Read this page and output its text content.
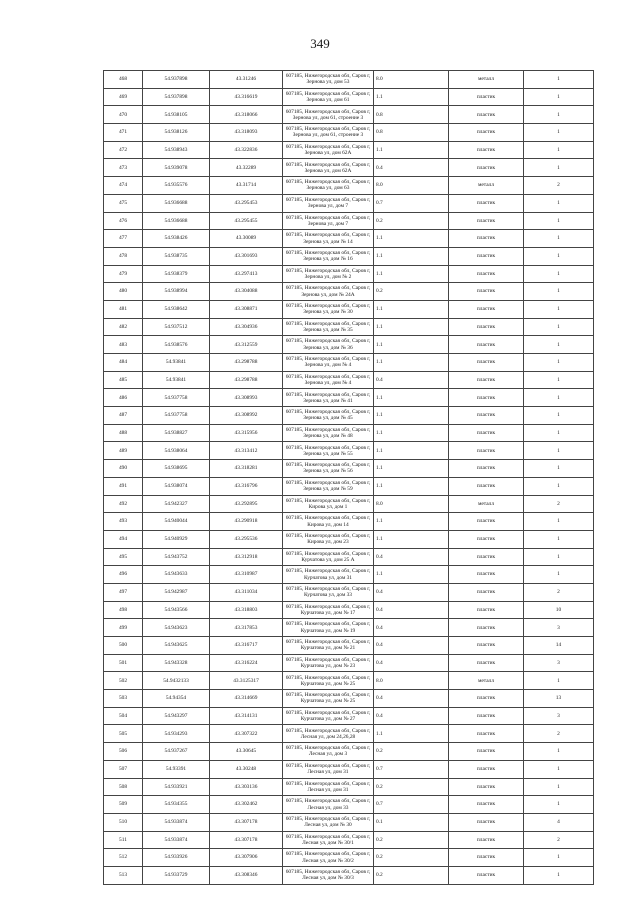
349
468	54.937898	43.31246	607185, Нижегородская обл, Саров г, Зернова ул, дом 53	8.0	металл	1
469	54.937898	43.316619	607185, Нижегородская обл, Саров г, Зернова ул, дом 61	1.1	пластик	1
470	54.938105	43.318066	607185, Нижегородская обл, Саров г, Зернова ул, дом 61, строение 3	0.8	пластик	1
471	54.938126	43.318093	607185, Нижегородская обл, Саров г, Зернова ул, дом 61, строение 3	0.8	пластик	1
472	54.938943	43.322836	607185, Нижегородская обл, Саров г, Зернова ул, дом 62А	1.1	пластик	1
473	54.939078	43.32289	607185, Нижегородская обл, Саров г, Зернова ул, дом 62А	0.4	пластик	1
474	54.935576	43.31714	607185, Нижегородская обл, Саров г, Зернова ул, дом 63	8.0	металл	2
475	54.936688	43.295453	607185, Нижегородская обл, Саров г, Зернова ул, дом 7	0.7	пластик	1
476	54.936688	43.295455	607185, Нижегородская обл, Саров г, Зернова ул, дом 7	0.2	пластик	1
477	54.938426	43.30089	607185, Нижегородская обл, Саров г, Зернова ул, дом № 14	1.1	пластик	1
478	54.938735	43.301693	607185, Нижегородская обл, Саров г, Зернова ул, дом № 16	1.1	пластик	1
479	54.938379	43.297413	607185, Нижегородская обл, Саров г, Зернова ул, дом № 2	1.1	пластик	1
480	54.938994	43.304088	607185, Нижегородская обл, Саров г, Зернова ул, дом № 24А	0.2	пластик	1
481	54.938642	43.308871	607185, Нижегородская обл, Саров г, Зернова ул, дом № 30	1.1	пластик	1
482	54.937512	43.304936	607185, Нижегородская обл, Саров г, Зернова ул, дом № 35	1.1	пластик	1
483	54.938576	43.312559	607185, Нижегородская обл, Саров г, Зернова ул, дом № 36	1.1	пластик	1
484	54.93841	43.298788	607185, Нижегородская обл, Саров г, Зернова ул, дом № 4	1.1	пластик	1
485	54.93841	43.298788	607185, Нижегородская обл, Саров г, Зернова ул, дом № 4	0.4	пластик	1
486	54.937758	43.308993	607185, Нижегородская обл, Саров г, Зернова ул, дом № 41	1.1	пластик	1
487	54.937758	43.308992	607185, Нижегородская обл, Саров г, Зернова ул, дом № 45	1.1	пластик	1
488	54.938827	43.315956	607185, Нижегородская обл, Саров г, Зернова ул, дом № 48	1.1	пластик	1
489	54.938064	43.313412	607185, Нижегородская обл, Саров г, Зернова ул, дом № 55	1.1	пластик	1
490	54.938695	43.318281	607185, Нижегородская обл, Саров г, Зернова ул, дом № 56	1.1	пластик	1
491	54.938074	43.316796	607185, Нижегородская обл, Саров г, Зернова ул, дом № 59	1.1	пластик	1
492	54.942327	43.292895	607185, Нижегородская обл, Саров г, Кирова ул, дом 1	8.0	металл	2
493	54.940044	43.290918	607185, Нижегородская обл, Саров г, Кирова ул, дом 14	1.1	пластик	1
494	54.940929	43.295536	607185, Нижегородская обл, Саров г, Кирова ул, дом 23	1.1	пластик	1
495	54.943752	43.312918	607185, Нижегородская обл, Саров г, Курчатова ул, дом 25 А	0.4	пластик	1
496	54.943633	43.310987	607185, Нижегородская обл, Саров г, Курчатова ул, дом 31	1.1	пластик	1
497	54.942987	43.311034	607185, Нижегородская обл, Саров г, Курчатова ул, дом 33	0.4	пластик	2
498	54.943566	43.318803	607185, Нижегородская обл, Саров г, Курчатова ул, дом № 17	0.4	пластик	10
499	54.943623	43.317853	607185, Нижегородская обл, Саров г, Курчатова ул, дом № 19	0.4	пластик	3
500	54.943625	43.316717	607185, Нижегородская обл, Саров г, Курчатова ул, дом № 21	0.4	пластик	14
501	54.943328	43.316224	607185, Нижегородская обл, Саров г, Курчатова ул, дом № 23	0.4	пластик	3
502	54.9432133	43.3125317	607185, Нижегородская обл, Саров г, Курчатова ул, дом № 25	8.0	металл	1
503	54.94354	43.314669	607185, Нижегородская обл, Саров г, Курчатова ул, дом № 25	0.4	пластик	13
504	54.943297	43.314131	607185, Нижегородская обл, Саров г, Курчатова ул, дом № 27	0.4	пластик	3
505	54.934293	43.307322	607185, Нижегородская обл, Саров г, Лесная ул, дом 24,26,28	1.1	пластик	2
506	54.937267	43.30645	607185, Нижегородская обл, Саров г, Лесная ул, дом 3	0.2	пластик	1
507	54.93391	43.30248	607185, Нижегородская обл, Саров г, Лесная ул, дом 31	0.7	пластик	1
508	54.933921	43.303136	607185, Нижегородская обл, Саров г, Лесная ул, дом 31	0.2	пластик	1
509	54.934355	43.302462	607185, Нижегородская обл, Саров г, Лесная ул, дом 33	0.7	пластик	1
510	54.933874	43.307178	607185, Нижегородская обл, Саров г, Лесная ул, дом № 30	0.1	пластик	4
511	54.933874	43.307178	607185, Нижегородская обл, Саров г, Лесная ул, дом № 30/1	0.2	пластик	2
512	54.933926	43.307906	607185, Нижегородская обл, Саров г, Лесная ул, дом № 30/2	0.2	пластик	1
513	54.933729	43.308346	607185, Нижегородская обл, Саров г, Лесная ул, дом № 30/3	0.2	пластик	1
